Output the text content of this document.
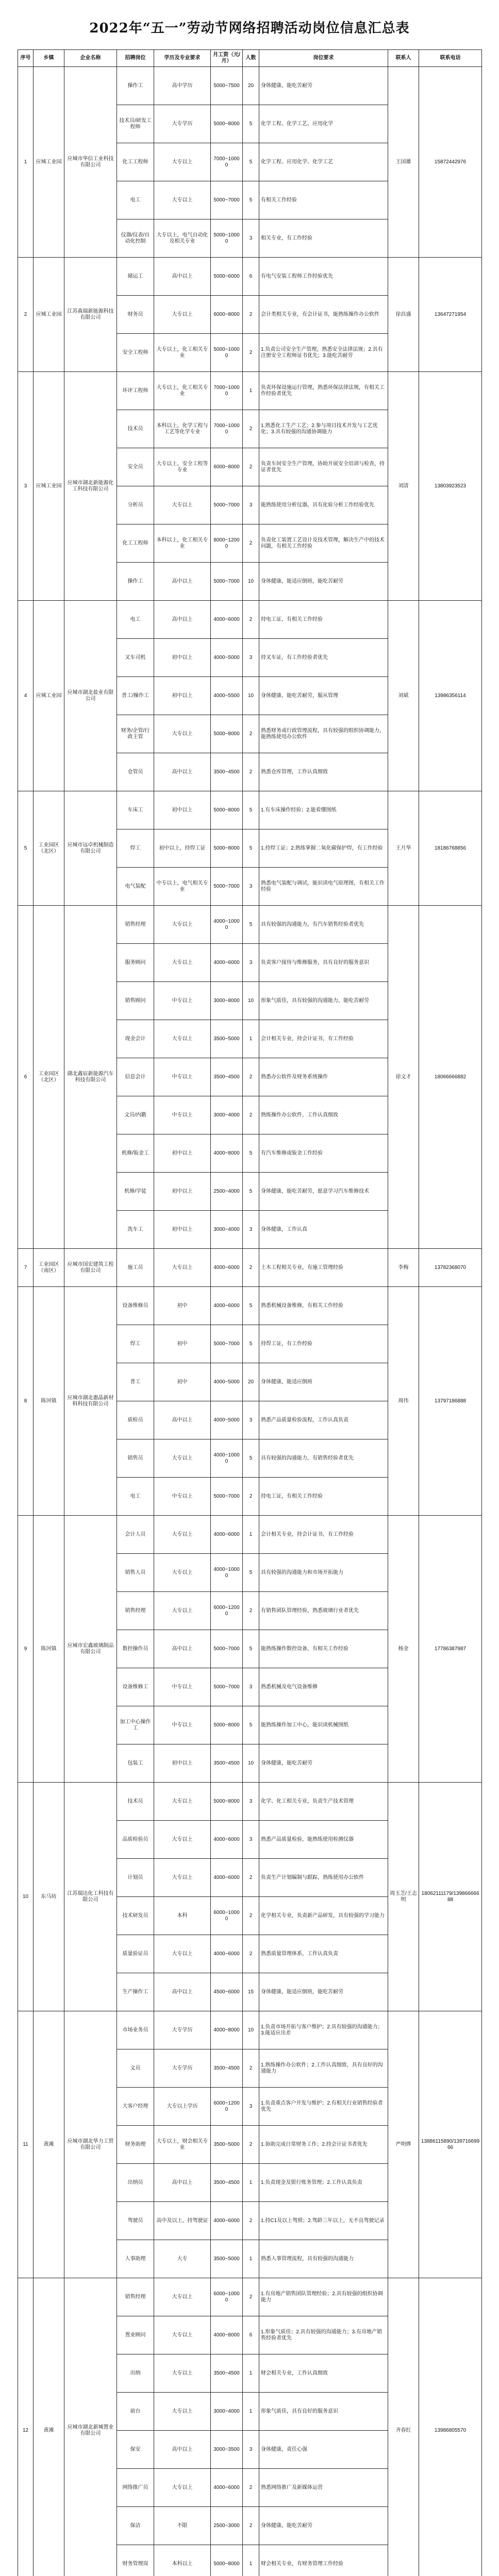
2022年“五一”劳动节网络招聘活动岗位信息汇总表
序号	乡镇	企业名称	招聘岗位	学历及专业要求	月工资（元/月）	人数	岗位要求	联系人	联系电话
1	应城工业园	应城市华信工业科技有限公司	操作工	高中学历	5000~7500	20	身体健康，能吃苦耐劳	王国雄	15872442976
			技术员/研发工程师	大专学历	5000~8000	5	化学工程、化学工艺、应用化学		
			化工工程师	大专以上	7000~10000	5	化学工程、应用化学、化学工艺		
			电工	大专以上	5000~7000	5	有相关工作经验		
			仪器/仪表/自动化控制	大专以上，电气自动化及相关专业	5000~10000	3	相关专业，有工作经验		
2	应城工业园	江苏森瑞新能源科技有限公司	储运工	高中以上	5000~6000	6	有电气安装工程师工作经验优先	徐昌盛	13647271954
			财务员	大专以上	6000~8000	2	会计类相关专业，有会计证书，能熟练操作办公软件		
			安全工程师	大专以上，化工相关专业	5000~10000	2	1.负责公司安全生产管理，熟悉安全法律法规；2.具有注册安全工程师证书优先；3.能吃苦耐劳		
3	应城工业园	应城市湖北新能源化工科技有限公司	环评工程师	大专以上，化工相关专业	7000~10000	1	负责环保设施运行管理，熟悉环保法律法规，有相关工作经验者优先	刘清	13803923523
			技术员	本科以上，化学工程与工艺等化学专业	7000~10000	2	1.熟悉化工生产工艺；2.参与项目技术开发与工艺优化；3.具有较强的沟通协调能力		
			安全员	大专以上，安全工程等专业	6000~8000	2	负责车间安全生产管理，协助开展安全培训与检查，持证者优先		
			分析员	大专以上	5000~7000	3	能熟练使用分析仪器，具有化验分析工作经验优先		
			化工工程师	本科以上，化工相关专业	8000~12000	2	负责化工装置工艺设计及技术管理，解决生产中的技术问题，有相关工作经验		
			操作工	高中以上	5000~7000	10	身体健康，能适应倒班，能吃苦耐劳		
4	应城工业园	应城市湖北盐业有限公司	电工	高中以上	4000~6000	2	持电工证，有相关工作经验	刘斌	13986356114
			叉车司机	初中以上	4000~5000	3	持叉车证，有工作经验者优先		
			普工/操作工	初中以上	4000~5500	10	身体健康，能吃苦耐劳，服从管理		
			财务/企管/行政主管	大专以上	5000~8000	2	熟悉财务或行政管理流程，具有较强的组织协调能力，能熟练使用办公软件		
			仓管员	高中以上	3500~4500	2	熟悉仓库管理，工作认真细致		
5	工业园区（北区）	应城市远卓机械制造有限公司	车床工	初中以上	5000~8000	5	1.有车床操作经验；2.能看懂图纸	王月华	18186768856
			焊工	初中以上，持焊工证	5000~8000	5	1.持焊工证；2.熟练掌握二氧化碳保护焊，有工作经验		
			电气装配	中专以上，电气相关专业	5000~7000	3	熟悉电气装配与调试，能识读电气原理图，有相关工作经验		
6	工业园区（北区）	湖北鑫宸新能源汽车科技有限公司	销售经理	大专以上	4000~10000	5	具有较强的沟通能力，有汽车销售经验者优先	徐文才	18066666882
			服务顾问	大专以上	4000~6000	3	负责客户接待与维修服务，具有良好的服务意识		
			销售顾问	中专以上	3000~8000	10	形象气质佳，具有较强的沟通能力，能吃苦耐劳		
			现金会计	大专以上	3500~5000	1	会计相关专业，持会计证书，有工作经验		
			信息会计	中专以上	3500~4500	2	熟悉办公软件及财务系统操作		
			文员/内勤	中专以上	3000~4000	2	熟练操作办公软件，工作认真细致		
			机修/钣金工	初中以上	4000~8000	5	有汽车维修或钣金工作经验		
			机修/学徒	初中以上	2500~4000	5	身体健康，能吃苦耐劳，愿意学习汽车维修技术		
			洗车工	初中以上	3000~4000	3	身体健康，工作认真		
7	工业园区（南区）	应城市国宏建筑工程有限公司	施工员	大专以上	4000~6000	2	土木工程相关专业，有施工管理经验	李梅	13782368070
8	陈河镇	应城市湖北惠晶新材料科技有限公司	设备维修员	初中	4000~6000	5	熟悉机械设备维修，有相关工作经验	周伟	13797186888
			焊工	初中	5000~7000	5	持焊工证，有工作经验		
			普工	初中	4000~5000	20	身体健康，能适应倒班		
			质检员	高中以上	4000~5000	3	熟悉产品质量检验流程，工作认真负责		
			销售员	大专以上	4000~10000	5	具有较强的沟通能力，有销售经验者优先		
			电工	中专以上	5000~7000	2	持电工证，有相关工作经验		
9	陈河镇	应城市宏鑫玻璃制品有限公司	会计人员	大专以上	4000~6000	1	会计相关专业，持会计证书，有工作经验	杨金	17786387987
			销售人员	大专以上	4000~10000	5	具有较强的沟通能力和市场开拓能力		
			销售经理	大专以上	6000~12000	2	有销售团队管理经验，熟悉玻璃行业者优先		
			数控操作员	高中以上	5000~7000	5	能熟练操作数控设备，有相关工作经验		
			设备维修工	中专以上	5000~7000	3	熟悉机械及电气设备维修		
			加工中心操作工	中专以上	5000~8000	5	能熟练操作加工中心，能识读机械图纸		
			包装工	初中以上	3500~4500	10	身体健康，能吃苦耐劳		
10	东马坊	江苏瑞达化工科技有限公司	技术员	大专以上	5000~8000	3	化学、化工相关专业，负责生产技术管理	周玉芝/王志明	18062111179/13986666688
			品质检验员	大专以上	4000~6000	3	熟悉产品质量检验，能熟练使用检测仪器		
			计划员	大专以上	4000~6000	2	负责生产计划编制与跟踪，熟练使用办公软件		
			技术研发员	本科	6000~10000	2	化学相关专业，负责新产品研发，具有较强的学习能力		
			质量验证员	大专以上	4000~6000	2	熟悉质量管理体系，工作认真负责		
			生产操作工	高中以上	4500~6000	15	身体健康，能适应倒班，能吃苦耐劳		
11	黄滩	应城市湖北华力工贸有限公司	市场业务员	大专学历	4000~8000	10	1.负责市场开拓与客户维护；2.具有较强的沟通能力；3.能适应出差	严明烨	13886115890/13971669966
			文员	大专学历	3500~4500	2	1.熟练操作办公软件；2.工作认真细致，具有良好的沟通能力		
			大客户经理	大专以上学历	6000~12000	3	1.负责重点客户开发与维护；2.有相关行业销售经验者优先		
			财务助理	大专以上，财会相关专业	3500~5000	2	1.协助完成日常财务工作；2.持会计证书者优先		
			出纳员	高中以上	3500~4500	1	1.负责现金及银行账务管理；2.工作认真负责		
			驾驶员	高中及以上，持驾驶证	4000~6000	2	1.持C1及以上驾照；2.驾龄三年以上，无不良驾驶记录		
			人事助理	大专	3500~5000	1	熟悉人事管理流程，具有较强的沟通能力		
12	黄滩	应城市湖北新城置业有限公司	销售经理	大专以上	6000~10000	2	1.有房地产销售团队管理经验；2.具有较强的组织协调能力	齐春红	13986805570
			置业顾问	大专以上	4000~8000	6	1.形象气质佳；2.具有较强的沟通能力；3.有房地产销售经验者优先		
			出纳	大专以上	3500~4500	1	财会相关专业，工作认真细致		
			前台	大专以上	3000~4000	1	形象气质佳，具有良好的服务意识		
			保安	高中以上	3000~3500	3	身体健康，责任心强		
			网络推广员	大专以上	4000~6000	2	熟悉网络推广及新媒体运营		
			保洁	不限	2500~3000	2	身体健康，能吃苦耐劳		
			财务管理岗	本科以上	5000~8000	1	财会相关专业，有财务管理工作经验		
